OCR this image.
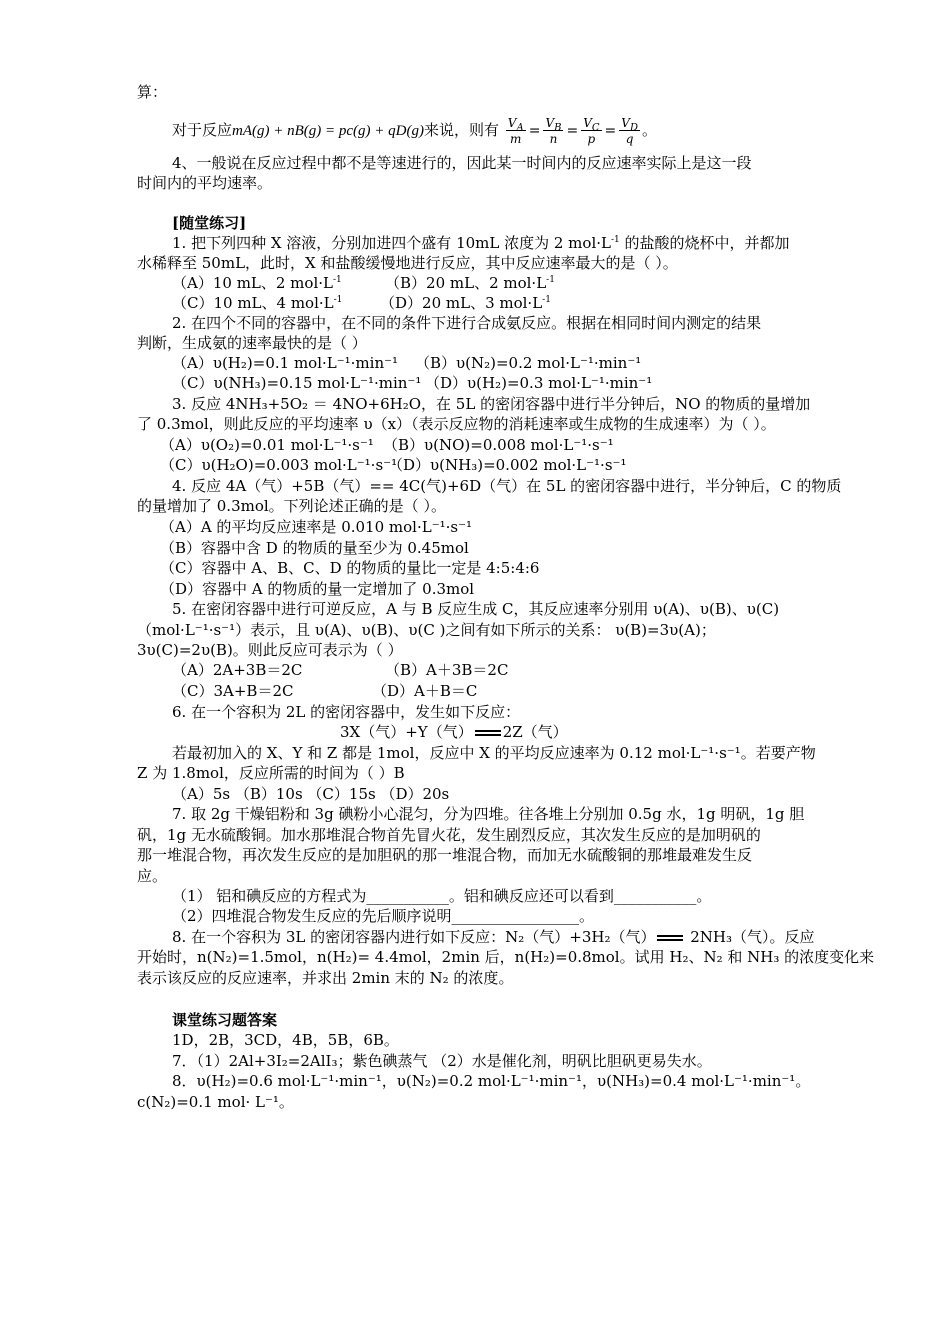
算：
对于反应mA(g) + nB(g) = pc(g) + qD(g)来说，则有 $\frac{V_A}{m} = \frac{V_B}{n} = \frac{V_C}{p} = \frac{V_D}{q}$ 。
4、一般说在反应过程中都不是等速进行的，因此某一时间内的反应速率实际上是这一段
时间内的平均速率。
[随堂练习]
1. 把下列四种 X 溶液，分别加进四个盛有 10mL 浓度为 2 $mol\cdot L^{-1}$ 的盐酸的烧杯中，并都加
水稀释至 50mL，此时，X 和盐酸缓慢地进行反应，其中反应速率最大的是（ ）。
（A）10 mL、2 $mol\cdot L^{-1}$	（B）20 mL、2 $mol\cdot L^{-1}$
（C）10 mL、4 $mol\cdot L^{-1}$	（D）20 mL、3 $mol\cdot L^{-1}$
2. 在四个不同的容器中，在不同的条件下进行合成氨反应。根据在相同时间内测定的结果
判断，生成氨的速率最快的是（ ）
（A）υ(H₂)=0.1 mol·L⁻¹·min⁻¹ （B）υ(N₂)=0.2 mol·L⁻¹·min⁻¹
（C）υ(NH₃)=0.15 mol·L⁻¹·min⁻¹ （D）υ(H₂)=0.3 mol·L⁻¹·min⁻¹
3. 反应 4NH₃+5O₂ ＝ 4NO+6H₂O，在 5L 的密闭容器中进行半分钟后，NO 的物质的量增加
了 0.3mol，则此反应的平均速率 υ（x）（表示反应物的消耗速率或生成物的生成速率）为（ ）。
（A）υ(O₂)=0.01 mol·L⁻¹·s⁻¹ （B）υ(NO)=0.008 mol·L⁻¹·s⁻¹
（C）υ(H₂O)=0.003 mol·L⁻¹·s⁻¹
（D）υ(NH₃)=0.002 mol·L⁻¹·s⁻¹
4. 反应 4A（气）+5B（气）== 4C(气)+6D（气）在 5L 的密闭容器中进行，半分钟后，C 的物质
的量增加了 0.3mol。下列论述正确的是（ ）。
（A）A 的平均反应速率是 0.010 mol·L⁻¹·s⁻¹
（B）容器中含 D 的物质的量至少为 0.45mol
（C）容器中 A、B、C、D 的物质的量比一定是 4:5:4:6
（D）容器中 A 的物质的量一定增加了 0.3mol
5. 在密闭容器中进行可逆反应，A 与 B 反应生成 C，其反应速率分别用 υ(A)、υ(B)、υ(C)
（mol·L⁻¹·s⁻¹）表示，且 υ(A)、υ(B)、υ(C )之间有如下所示的关系： υ(B)=3υ(A)；
3υ(C)=2υ(B)。则此反应可表示为（ ）
（A）2A+3B＝2C	（B）A＋3B＝2C
（C）3A+B＝2C	（D）A＋B＝C
6. 在一个容积为 2L 的密闭容器中，发生如下反应：
3X（气）+Y（气） 2Z（气）
若最初加入的 X、Y 和 Z 都是 1mol，反应中 X 的平均反应速率为 0.12 mol·L⁻¹·s⁻¹。若要产物
Z 为 1.8mol，反应所需的时间为（ ）B
（A）5s （B）10s （C）15s （D）20s
7. 取 2g 干燥铝粉和 3g 碘粉小心混匀，分为四堆。往各堆上分别加 0.5g 水，1g 明矾，1g 胆
矾，1g 无水硫酸铜。加水那堆混合物首先冒火花，发生剧烈反应，其次发生反应的是加明矾的
那一堆混合物，再次发生反应的是加胆矾的那一堆混合物，而加无水硫酸铜的那堆最难发生反
应。
（1） 铝和碘反应的方程式为___________。铝和碘反应还可以看到___________。
（2）四堆混合物发生反应的先后顺序说明_________________。
8. 在一个容积为 3L 的密闭容器内进行如下反应：N₂（气）+3H₂（气） 2NH₃（气）。反应
开始时，n(N₂)=1.5mol，n(H₂)= 4.4mol，2min 后，n(H₂)=0.8mol。试用 H₂、N₂ 和 NH₃ 的浓度变化来
表示该反应的反应速率，并求出 2min 末的 N₂ 的浓度。
课堂练习题答案
1D，2B，3CD，4B，5B，6B。
7．（1）2Al+3I₂=2AlI₃；紫色碘蒸气 （2）水是催化剂，明矾比胆矾更易失水。
8．υ(H₂)=0.6 mol·L⁻¹·min⁻¹，υ(N₂)=0.2 mol·L⁻¹·min⁻¹，υ(NH₃)=0.4 mol·L⁻¹·min⁻¹。
c(N₂)=0.1 mol· L⁻¹。
